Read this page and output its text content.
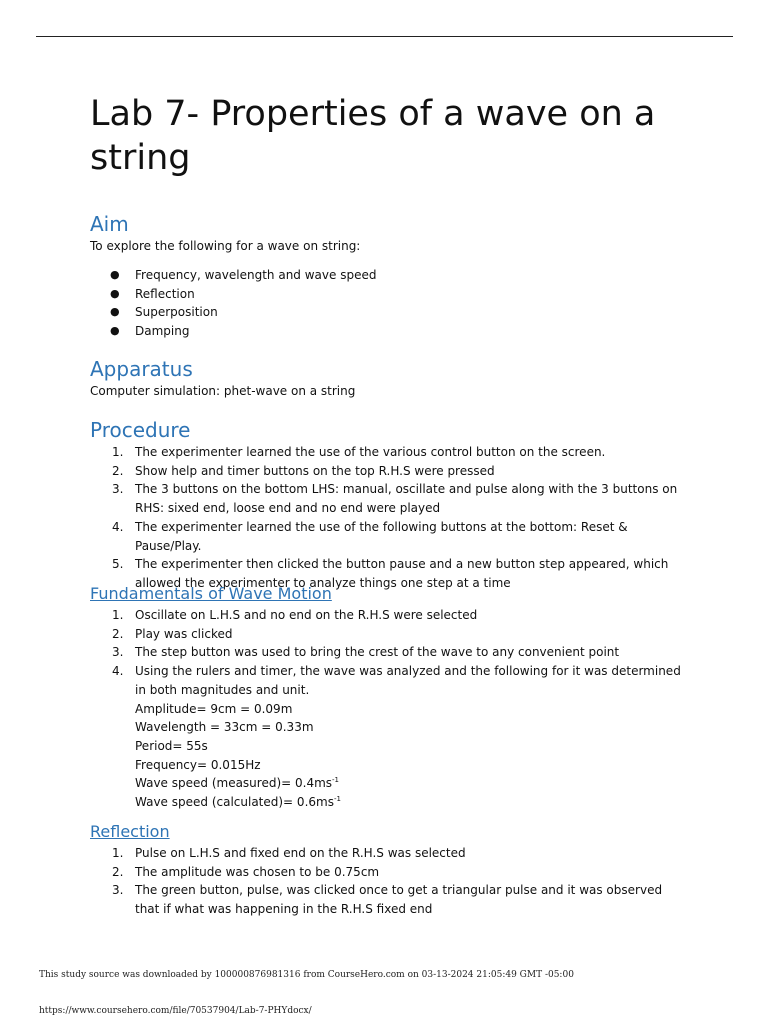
Lab 7- Properties of a wave on a string
Aim

To explore the following for a wave on string:

● Frequency, wavelength and wave speed
● Reflection
● Superposition
● Damping
Apparatus

Computer simulation: phet-wave on a string

Procedure
1. The experimenter learned the use of the various control button on the screen.
2. Show help and timer buttons on the top R.H.S were pressed
3. The 3 buttons on the bottom LHS: manual, oscillate and pulse along with the 3 buttons on RHS: sixed end, loose end and no end were played
4. The experimenter learned the use of the following buttons at the bottom: Reset & Pause/Play.
5. The experimenter then clicked the button pause and a new button step appeared, which allowed the experimenter to analyze things one step at a time
Fundamentals of Wave Motion
1. Oscillate on L.H.S and no end on the R.H.S were selected
2. Play was clicked
3. The step button was used to bring the crest of the wave to any convenient point
4. Using the rulers and timer, the wave was analyzed and the following for it was determined in both magnitudes and unit.
Amplitude= 9cm = 0.09m
Wavelength = 33cm = 0.33m
Period= 55s
Frequency= 0.015Hz
Wave speed (measured)= $0.4ms^{-1}$
Wave speed (calculated)= $0.6ms^{-1}$
Reflection
1. Pulse on L.H.S and fixed end on the R.H.S was selected
2. The amplitude was chosen to be 0.75cm
3. The green button, pulse, was clicked once to get a triangular pulse and it was observed that if what was happening in the R.H.S fixed end

This study source was downloaded by 100000876981316 from CourseHero.com on 03-13-2024 21:05:49 GMT -05:00

https://www.coursehero.com/file/70537904/Lab-7-PHYdocx/
